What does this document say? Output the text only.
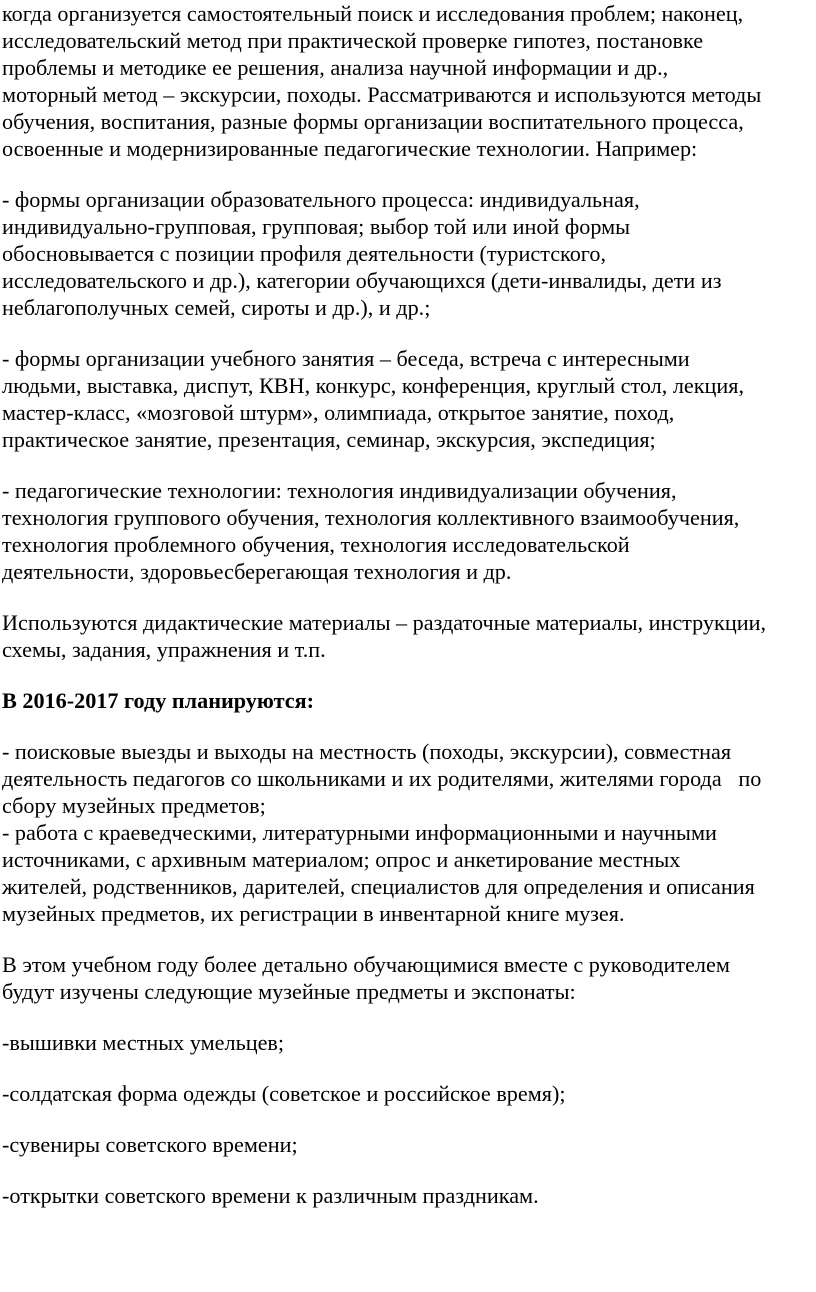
когда организуется самостоятельный поиск и исследования проблем; наконец,
исследовательский метод при практической проверке гипотез, постановке
проблемы и методике ее решения, анализа научной информации и др.,
моторный метод – экскурсии, походы. Рассматриваются и используются методы
обучения, воспитания, разные формы организации воспитательного процесса,
освоенные и модернизированные педагогические технологии. Например:
- формы организации образовательного процесса: индивидуальная,
индивидуально-групповая, групповая; выбор той или иной формы
обосновывается с позиции профиля деятельности (туристского,
исследовательского и др.), категории обучающихся (дети-инвалиды, дети из
неблагополучных семей, сироты и др.), и др.;
- формы организации учебного занятия – беседа, встреча с интересными
людьми, выставка, диспут, КВН, конкурс, конференция, круглый стол, лекция,
мастер-класс, «мозговой штурм», олимпиада, открытое занятие, поход,
практическое занятие, презентация, семинар, экскурсия, экспедиция;
- педагогические технологии: технология индивидуализации обучения,
технология группового обучения, технология коллективного взаимообучения,
технология проблемного обучения, технология исследовательской
деятельности, здоровьесберегающая технология и др.
Используются дидактические материалы – раздаточные материалы, инструкции,
схемы, задания, упражнения и т.п.
В 2016-2017 году планируются:
- поисковые выезды и выходы на местность (походы, экскурсии), совместная
деятельность педагогов со школьниками и их родителями, жителями города   по
сбору музейных предметов;
- работа с краеведческими, литературными информационными и научными
источниками, с архивным материалом; опрос и анкетирование местных
жителей, родственников, дарителей, специалистов для определения и описания
музейных предметов, их регистрации в инвентарной книге музея.
В этом учебном году более детально обучающимися вместе с руководителем
будут изучены следующие музейные предметы и экспонаты:
-вышивки местных умельцев;
-солдатская форма одежды (советское и российское время);
-сувениры советского времени;
-открытки советского времени к различным праздникам.
